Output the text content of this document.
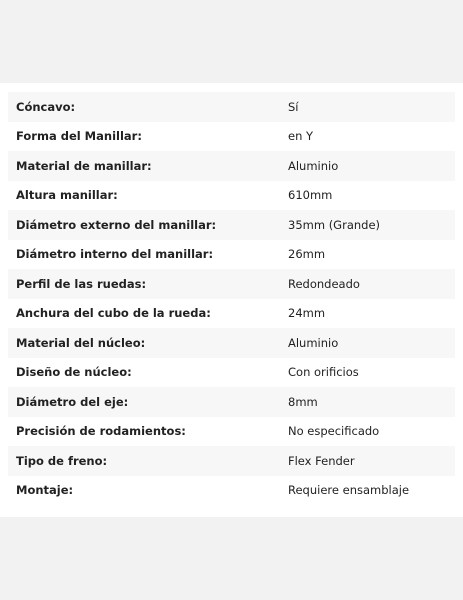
Cóncavo:	Sí
Forma del Manillar:	en Y
Material de manillar:	Aluminio
Altura manillar:	610mm
Diámetro externo del manillar:	35mm (Grande)
Diámetro interno del manillar:	26mm
Perfil de las ruedas:	Redondeado
Anchura del cubo de la rueda:	24mm
Material del núcleo:	Aluminio
Diseño de núcleo:	Con orificios
Diámetro del eje:	8mm
Precisión de rodamientos:	No especificado
Tipo de freno:	Flex Fender
Montaje:	Requiere ensamblaje
